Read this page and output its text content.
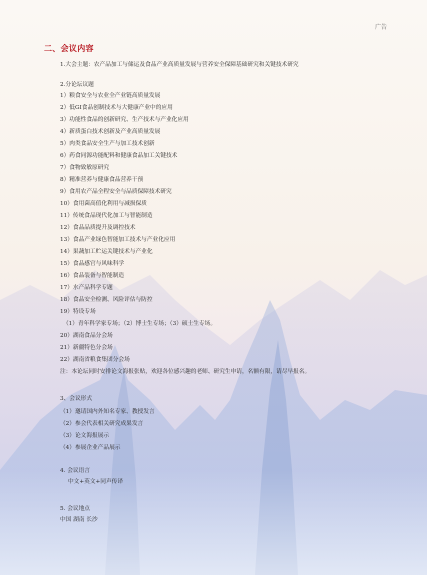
广告
二、会议内容

1.大会主题：农产品加工与储运及食品产业高质量发展与营养安全保障基础研究和关键技术研究

2.分论坛议题
1）粮食安全与农业全产业链高质量发展
2）低GI食品创制技术与大健康产业中的应用
3）功能性食品的创新研究、生产技术与产业化应用
4）新质蛋白技术创新及产业高质量发展
5）肉类食品安全生产与加工技术创新
6）药食同源功能配料和健康食品加工关键技术
7）食物致敏原研究
8）精准营养与健康食品营养干预
9）食用农产品全程安全与品质保障技术研究
10）食用菌高值化利用与减损保质
11）传统食品现代化加工与智能制造
12）食品品质提升及调控技术
13）食品产业绿色智能加工技术与产业化应用
14）果蔬加工贮运关键技术与产业化
15）食品感官与风味科学
16）食品装备与智能制造
17）水产品科学专题
18）食品安全检测、风险评估与防控
19）特设专场
（1）青年科学家专场；（2）博士生专场；（3）硕士生专场。
20）湖南食品分会场
21）新疆特色分会场
22）湖南省粮食集团分会场
注：本论坛同时安排论文海报张贴，欢迎各位感兴趣的老师、研究生申请，名额有限，请尽早报名。
3、会议形式
（1）邀请国内外知名专家、教授发言
（2）参会代表相关研究成果发言
（3）论文海报展示
（4）参展企业产品展示
4. 会议语言
中文+英文+同声传译
5. 会议地点
中国 湖南 长沙
